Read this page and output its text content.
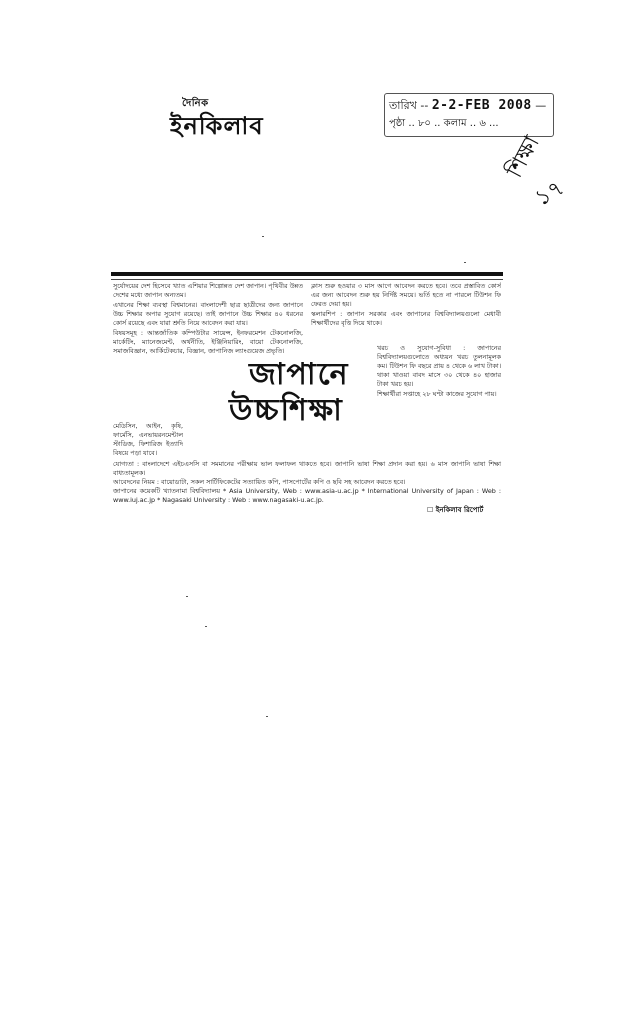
দৈনিক
ইনকিলাব
তারিখ -- 2-2-FEB 2008 —
পৃষ্ঠা .. ৮০ .. কলাম .. ৬ ...
শিক্ষা
১৭

সুর্যোদয়ের দেশ হিসেবে খ্যাত এশিয়ার শিল্পোন্নত দেশ জাপান। পৃথিবীর উন্নত দেশের মধ্যে জাপান অন্যতম।

এখানের শিক্ষা ব্যবস্থা বিশ্বমানের। বাংলাদেশী ছাত্র ছাত্রীদের জন্য জাপানে উচ্চ শিক্ষার অপার সুযোগ রয়েছে। তাই জাপানে উচ্চ শিক্ষার ৪০ ধরনের কোর্স রয়েছে এবং যারা শ্রুতি নিয়ে আবেদন করা যায়।

বিষয়সমূহ : আন্তর্জাতিক কম্পিউটার সায়েন্স, ইনফরমেশন টেকনোলজি, মার্কেটিং, ম্যানেজমেন্ট, অর্থনীতি, ইঞ্জিনিয়ারিং, বায়ো টেকনোলজি, সমাজবিজ্ঞান, আর্কিটেকচার, বিজ্ঞান, জাপানিজ ল্যাংগুয়েজ প্রভৃতি।

ক্লাস শুরু হওয়ার ৩ মাস আগে আবেদন করতে হবে। তবে প্রস্তাবিত কোর্স এর জন্য আবেদন শুরু হয় নির্দিষ্ট সময়ে। ভর্তি হতে না পারলে টিউশন ফি ফেরত দেয়া হয়।

স্কলারশিপ : জাপান সরকার এবং জাপানের বিশ্ববিদ্যালয়গুলো মেধাবী শিক্ষার্থীদের বৃত্তি দিয়ে থাকে।

খরচ ও সুযোগ-সুবিধা : জাপানের বিশ্ববিদ্যালয়গুলোতে অধ্যয়ন খরচ তুলনামূলক কম। টিউশন ফি বছরে প্রায় ৪ থেকে ৬ লাখ টাকা। থাকা খাওয়া বাবদ মাসে ৩০ থেকে ৪০ হাজার টাকা খরচ হয়।

শিক্ষার্থীরা সপ্তাহে ২৮ ঘণ্টা কাজের সুযোগ পায়।

মেডিসিন, আইন, কৃষি, ফার্মেসি, এনভায়রনমেন্টাল স্টাডিজ, ফিশারিজ ইত্যাদি বিষয়ে পড়া যাবে।

জাপানে
উচ্চশিক্ষা

যোগ্যতা : বাংলাদেশে এইচএসসি বা সমমানের পরীক্ষায় ভাল ফলাফল থাকতে হবে। জাপানি ভাষা শিক্ষা প্রদান করা হয়। ৬ মাস জাপানি ভাষা শিক্ষা বাধ্যতামূলক।

আবেদনের নিয়ম : বায়োডাটা, সকল সার্টিফিকেটের সত্যায়িত কপি, পাসপোর্টের কপি ও ছবি সহ আবেদন করতে হবে।

জাপানের কয়েকটি খ্যাতনামা বিশ্ববিদ্যালয় * Asia University, Web : www.asia-u.ac.jp * International University of Japan : Web : www.iuj.ac.jp * Nagasaki University : Web : www.nagasaki-u.ac.jp.

☐ ইনকিলাব রিপোর্ট
